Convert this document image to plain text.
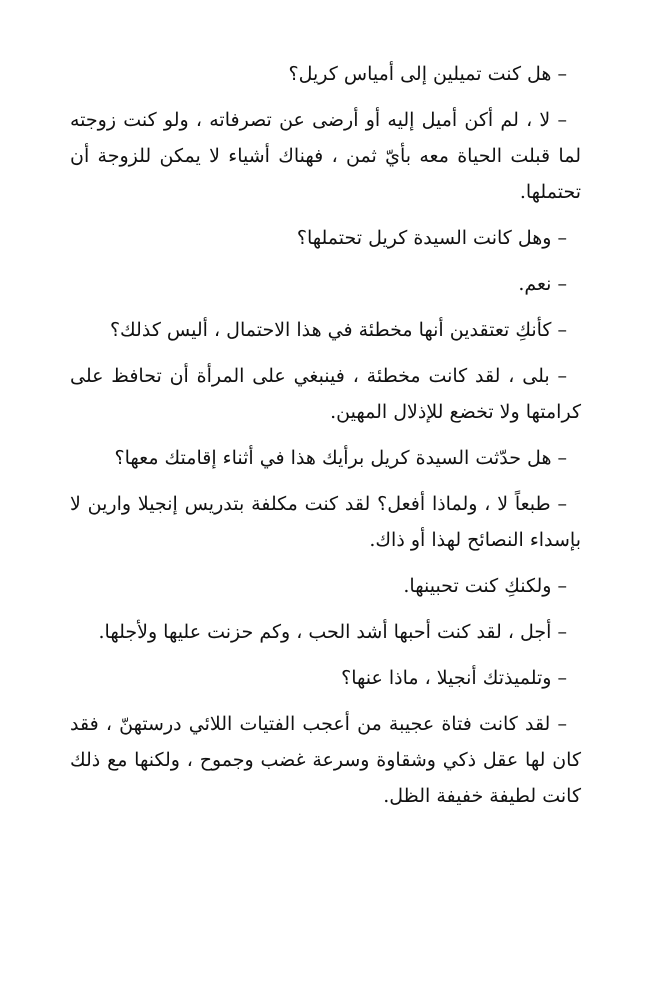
– هل كنت تميلين إلى أمياس كريل؟

– لا ، لم أكن أميل إليه أو أرضى عن تصرفاته ، ولو كنت زوجته لما قبلت الحياة معه بأيّ ثمن ، فهناك أشياء لا يمكن للزوجة أن تحتملها.

– وهل كانت السيدة كريل تحتملها؟

– نعم.

– كأنكِ تعتقدين أنها مخطئة في هذا الاحتمال ، أليس كذلك؟

– بلى ، لقد كانت مخطئة ، فينبغي على المرأة أن تحافظ على كرامتها ولا تخضع للإذلال المهين.

– هل حدّثت السيدة كريل برأيك هذا في أثناء إقامتك معها؟

– طبعاً لا ، ولماذا أفعل؟ لقد كنت مكلفة بتدريس إنجيلا وارين لا بإسداء النصائح لهذا أو ذاك.

– ولكنكِ كنت تحبينها.

– أجل ، لقد كنت أحبها أشد الحب ، وكم حزنت عليها ولأجلها.

– وتلميذتك أنجيلا ، ماذا عنها؟

– لقد كانت فتاة عجيبة من أعجب الفتيات اللائي درستهنّ ، فقد كان لها عقل ذكي وشقاوة وسرعة غضب وجموح ، ولكنها مع ذلك كانت لطيفة خفيفة الظل.
